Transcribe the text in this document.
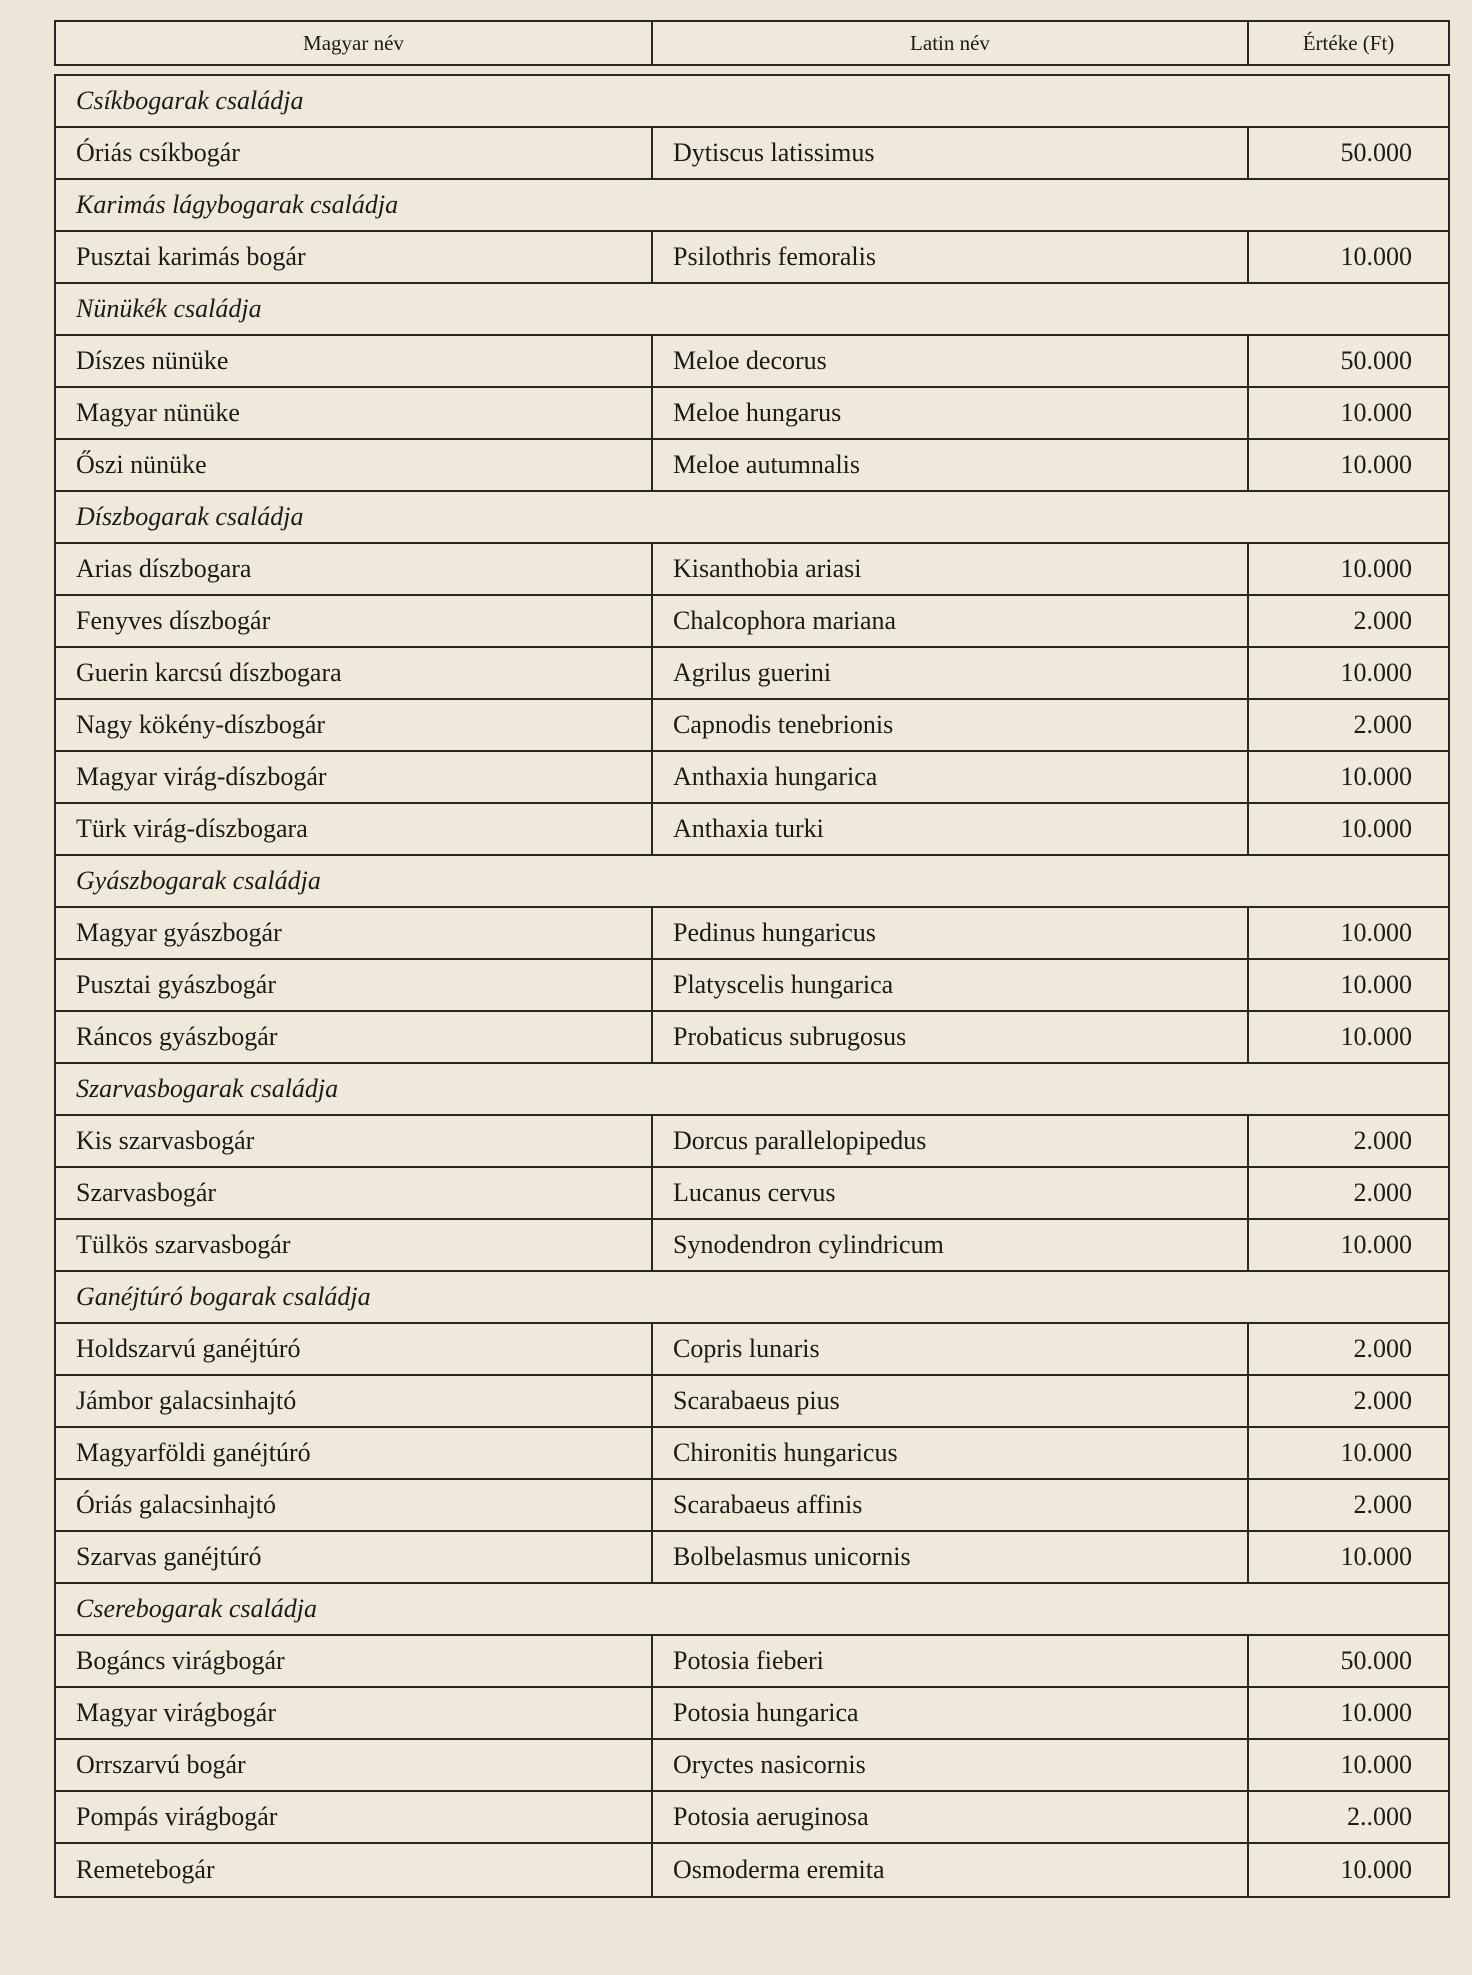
Magyar név	Latin név	Értéke (Ft)
Csíkbogarak családja
Óriás csíkbogár	Dytiscus latissimus	50.000
Karimás lágybogarak családja
Pusztai karimás bogár	Psilothris femoralis	10.000
Nünükék családja
Díszes nünüke	Meloe decorus	50.000
Magyar nünüke	Meloe hungarus	10.000
Őszi nünüke	Meloe autumnalis	10.000
Díszbogarak családja
Arias díszbogara	Kisanthobia ariasi	10.000
Fenyves díszbogár	Chalcophora mariana	2.000
Guerin karcsú díszbogara	Agrilus guerini	10.000
Nagy kökény-díszbogár	Capnodis tenebrionis	2.000
Magyar virág-díszbogár	Anthaxia hungarica	10.000
Türk virág-díszbogara	Anthaxia turki	10.000
Gyászbogarak családja
Magyar gyászbogár	Pedinus hungaricus	10.000
Pusztai gyászbogár	Platyscelis hungarica	10.000
Ráncos gyászbogár	Probaticus subrugosus	10.000
Szarvasbogarak családja
Kis szarvasbogár	Dorcus parallelopipedus	2.000
Szarvasbogár	Lucanus cervus	2.000
Tülkös szarvasbogár	Synodendron cylindricum	10.000
Ganéjtúró bogarak családja
Holdszarvú ganéjtúró	Copris lunaris	2.000
Jámbor galacsinhajtó	Scarabaeus pius	2.000
Magyarföldi ganéjtúró	Chironitis hungaricus	10.000
Óriás galacsinhajtó	Scarabaeus affinis	2.000
Szarvas ganéjtúró	Bolbelasmus unicornis	10.000
Cserebogarak családja
Bogáncs virágbogár	Potosia fieberi	50.000
Magyar virágbogár	Potosia hungarica	10.000
Orrszarvú bogár	Oryctes nasicornis	10.000
Pompás virágbogár	Potosia aeruginosa	2..000
Remetebogár	Osmoderma eremita	10.000
